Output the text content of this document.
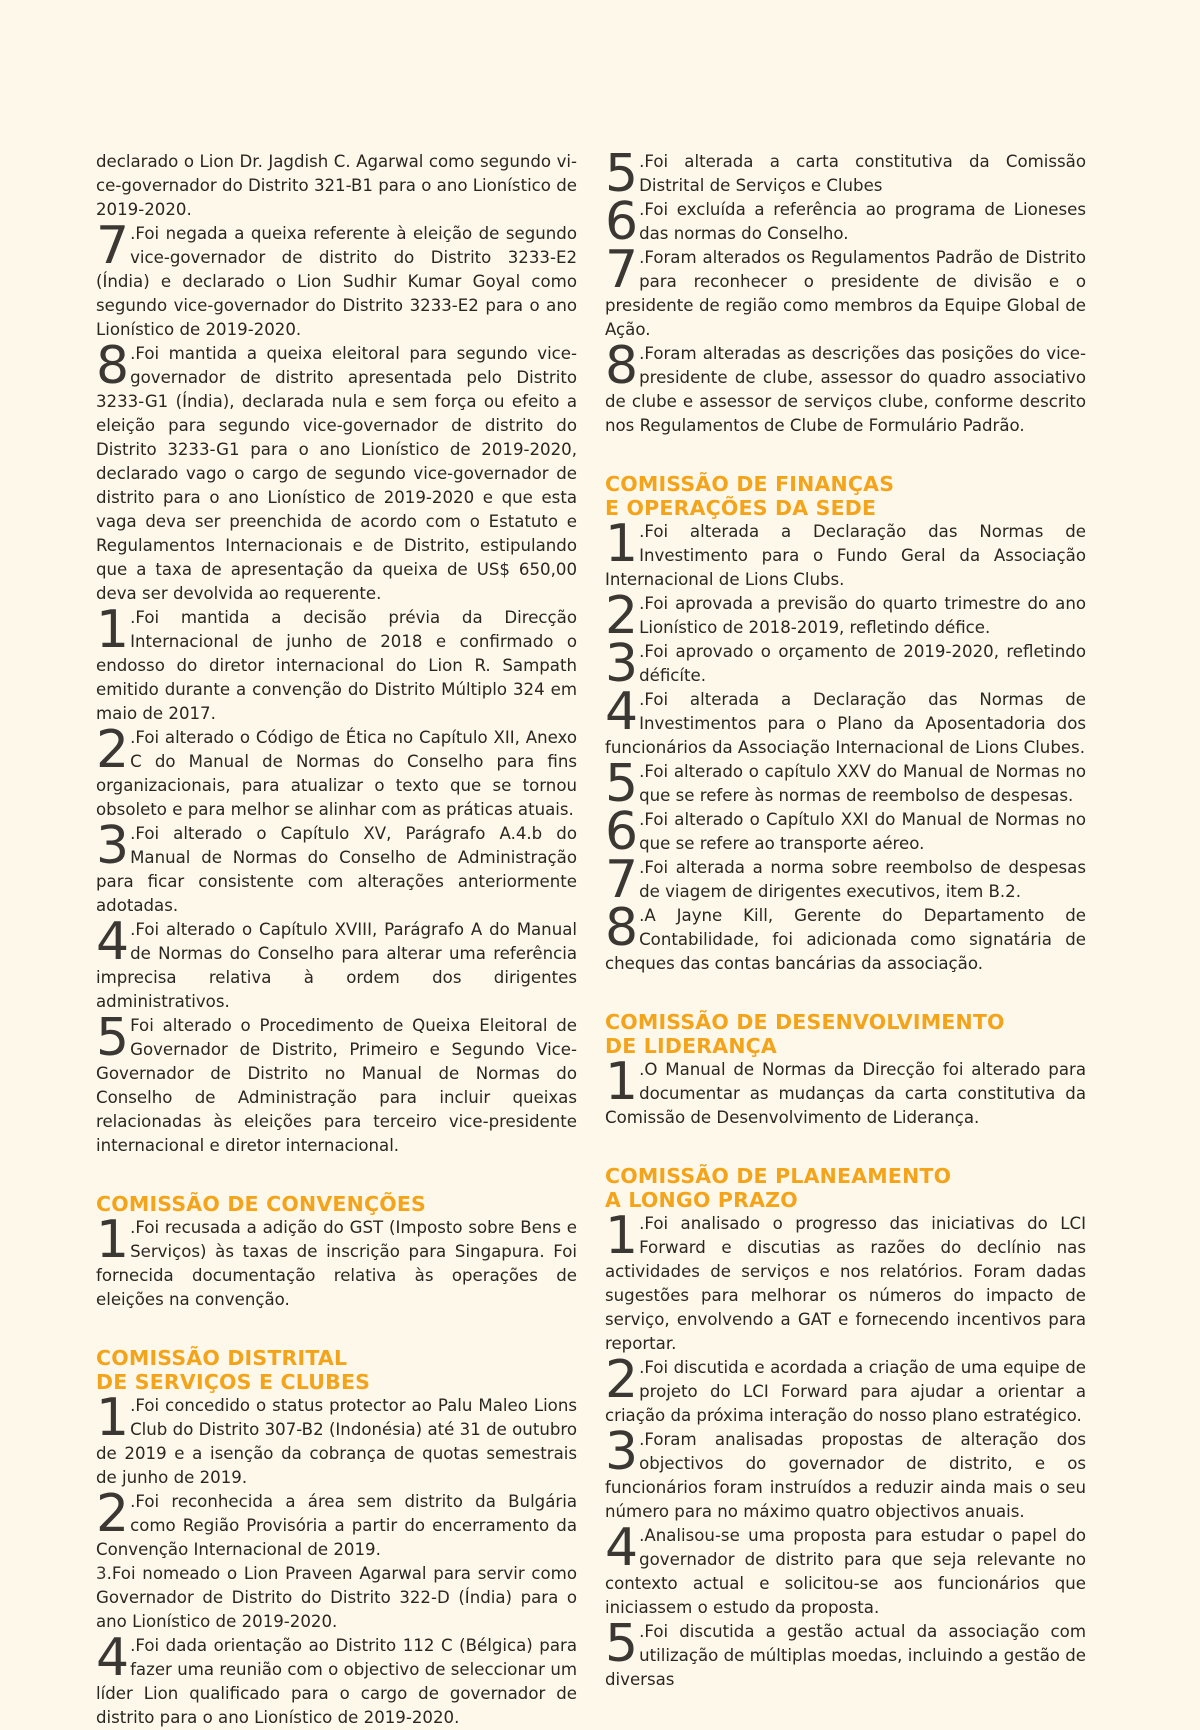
declarado o Lion Dr. Jagdish C. Agarwal como segundo vice-governador do Distrito 321-B1 para o ano Lionístico de 2019-2020.

7 .Foi negada a queixa referente à eleição de segundo vice-governador de distrito do Distrito 3233-E2 (Índia) e declarado o Lion Sudhir Kumar Goyal como segundo vice-governador do Distrito 3233-E2 para o ano Lionístico de 2019-2020.
8 .Foi mantida a queixa eleitoral para segundo vice-governador de distrito apresentada pelo Distrito 3233-G1 (Índia), declarada nula e sem força ou efeito a eleição para segundo vice-governador de distrito do Distrito 3233-G1 para o ano Lionístico de 2019-2020, declarado vago o cargo de segundo vice-governador de distrito para o ano Lionístico de 2019-2020 e que esta vaga deva ser preenchida de acordo com o Estatuto e Regulamentos Internacionais e de Distrito, estipulando que a taxa de apresentação da queixa de US$ 650,00 deva ser devolvida ao requerente.
1 .Foi mantida a decisão prévia da Direcção Internacional de junho de 2018 e confirmado o endosso do diretor internacional do Lion R. Sampath emitido durante a convenção do Distrito Múltiplo 324 em maio de 2017.
2 .Foi alterado o Código de Ética no Capítulo XII, Anexo C do Manual de Normas do Conselho para fins organizacionais, para atualizar o texto que se tornou obsoleto e para melhor se alinhar com as práticas atuais.
3 .Foi alterado o Capítulo XV, Parágrafo A.4.b do Manual de Normas do Conselho de Administração para ficar consistente com alterações anteriormente adotadas.
4 .Foi alterado o Capítulo XVIII, Parágrafo A do Manual de Normas do Conselho para alterar uma referência imprecisa relativa à ordem dos dirigentes administrativos.
5 Foi alterado o Procedimento de Queixa Eleitoral de Governador de Distrito, Primeiro e Segundo Vice-Governador de Distrito no Manual de Normas do Conselho de Administração para incluir queixas relacionadas às eleições para terceiro vice-presidente internacional e diretor internacional.
COMISSÃO DE CONVENÇÕES
1 .Foi recusada a adição do GST (Imposto sobre Bens e Serviços) às taxas de inscrição para Singapura. Foi fornecida documentação relativa às operações de eleições na convenção.
COMISSÃO DISTRITAL
DE SERVIÇOS E CLUBES
1 .Foi concedido o status protector ao Palu Maleo Lions Club do Distrito 307-B2 (Indonésia) até 31 de outubro de 2019 e a isenção da cobrança de quotas semestrais de junho de 2019.
2 .Foi reconhecida a área sem distrito da Bulgária como Região Provisória a partir do encerramento da Convenção Internacional de 2019.
3.Foi nomeado o Lion Praveen Agarwal para servir como Governador de Distrito do Distrito 322-D (Índia) para o ano Lionístico de 2019-2020.
4 .Foi dada orientação ao Distrito 112 C (Bélgica) para fazer uma reunião com o objectivo de seleccionar um líder Lion qualificado para o cargo de governador de distrito para o ano Lionístico de 2019-2020.
5 .Foi alterada a carta constitutiva da Comissão Distrital de Serviços e Clubes
6 .Foi excluída a referência ao programa de Lioneses das normas do Conselho.
7 .Foram alterados os Regulamentos Padrão de Distrito para reconhecer o presidente de divisão e o presidente de região como membros da Equipe Global de Ação.
8 .Foram alteradas as descrições das posições do vice-presidente de clube, assessor do quadro associativo de clube e assessor de serviços clube, conforme descrito nos Regulamentos de Clube de Formulário Padrão.
COMISSÃO DE FINANÇAS
E OPERAÇÕES DA SEDE
1 .Foi alterada a Declaração das Normas de Investimento para o Fundo Geral da Associação Internacional de Lions Clubs.
2 .Foi aprovada a previsão do quarto trimestre do ano Lionístico de 2018-2019, refletindo défice.
3 .Foi aprovado o orçamento de 2019-2020, refletindo déficíte.
4 .Foi alterada a Declaração das Normas de Investimentos para o Plano da Aposentadoria dos funcionários da Associação Internacional de Lions Clubes.
5 .Foi alterado o capítulo XXV do Manual de Normas no que se refere às normas de reembolso de despesas.
6 .Foi alterado o Capítulo XXI do Manual de Normas no que se refere ao transporte aéreo.
7 .Foi alterada a norma sobre reembolso de despesas de viagem de dirigentes executivos, item B.2.
8 .A Jayne Kill, Gerente do Departamento de Contabilidade, foi adicionada como signatária de cheques das contas bancárias da associação.
COMISSÃO DE DESENVOLVIMENTO
DE LIDERANÇA
1 .O Manual de Normas da Direcção foi alterado para documentar as mudanças da carta constitutiva da Comissão de Desenvolvimento de Liderança.
COMISSÃO DE PLANEAMENTO
A LONGO PRAZO
1 .Foi analisado o progresso das iniciativas do LCI Forward e discutias as razões do declínio nas actividades de serviços e nos relatórios. Foram dadas sugestões para melhorar os números do impacto de serviço, envolvendo a GAT e fornecendo incentivos para reportar.
2 .Foi discutida e acordada a criação de uma equipe de projeto do LCI Forward para ajudar a orientar a criação da próxima interação do nosso plano estratégico.
3 .Foram analisadas propostas de alteração dos objectivos do governador de distrito, e os funcionários foram instruídos a reduzir ainda mais o seu número para no máximo quatro objectivos anuais.
4 .Analisou-se uma proposta para estudar o papel do governador de distrito para que seja relevante no contexto actual e solicitou-se aos funcionários que iniciassem o estudo da proposta.
5 .Foi discutida a gestão actual da associação com utilização de múltiplas moedas, incluindo a gestão de diversas
